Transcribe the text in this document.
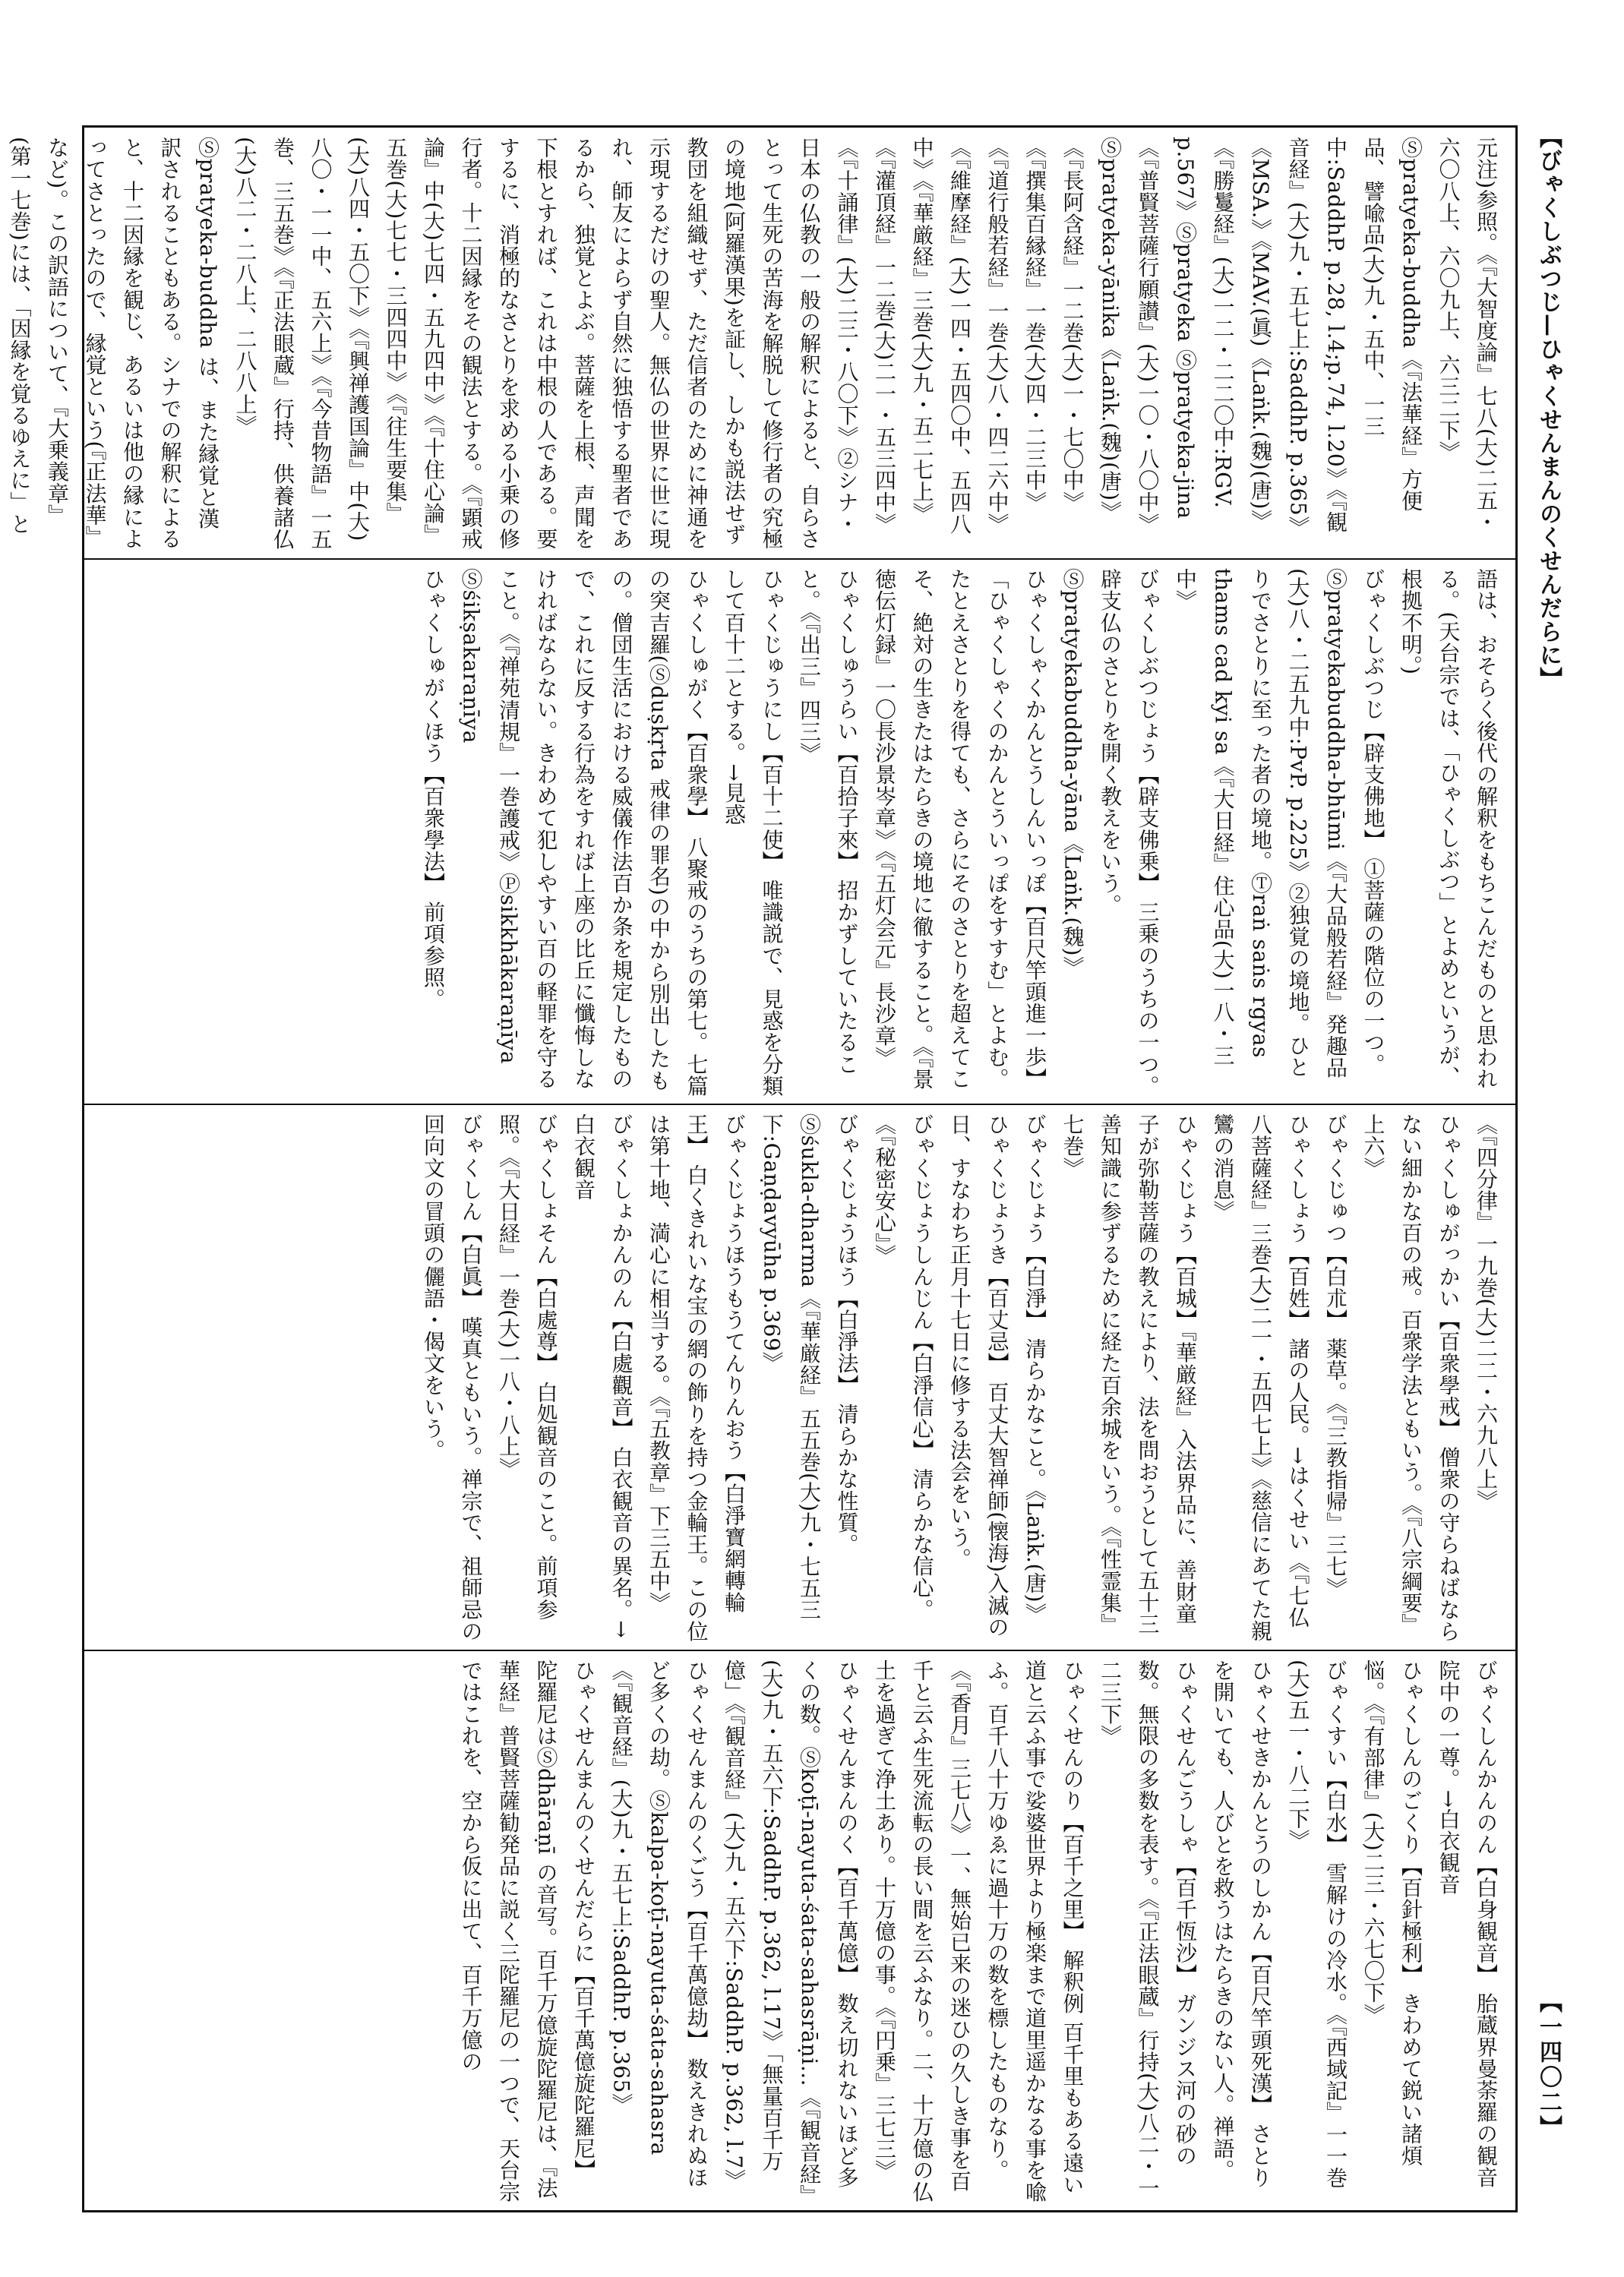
【びゃくしぶつじ—ひゃくせんまんのくせんだらに】
【一四〇二】

元注)参照。《『大智度論』七八(大)二五・六〇八上、六〇九上、六三二下》Ⓢpratyeka-buddha《『法華経』方便品、譬喩品(大)九・五中、一三中:SaddhP. p.28, l.4;p.74, l.20》《『観音経』(大)九・五七上:SaddhP. p.365》《MSA.》《MAV.(眞)《Laṅk.(魏)(唐)》《『勝鬘経』(大)一二・二二〇中:RGV. p.567》Ⓢpratyeka Ⓢpratyeka-jina《『普賢菩薩行願讃』(大)一〇・八〇中》Ⓢpratyeka-yānika《Laṅk.(魏)(唐)》《『長阿含経』一二巻(大)一・七〇中》《『撰集百縁経』一巻(大)四・二三中》《『道行般若経』一巻(大)八・四二六中》《『維摩経』(大)一四・五四〇中、五四八中》《『華厳経』三巻(大)九・五二七上》《『灌頂経』一二巻(大)二一・五三四中》《『十誦律』(大)二三・八〇下》②シナ・日本の仏教の一般の解釈によると、自らさとって生死の苦海を解脱して修行者の究極の境地(阿羅漢果)を証し、しかも説法せず教団を組織せず、ただ信者のために神通を示現するだけの聖人。無仏の世界に世に現れ、師友によらず自然に独悟する聖者であるから、独覚とよぶ。菩薩を上根、声聞を下根とすれば、これは中根の人である。要するに、消極的なさとりを求める小乗の修行者。十二因縁をその観法とする。《『顕戒論』中(大)七四・五九四中》《『十住心論』五巻(大)七七・三四四中》《『往生要集』(大)八四・五〇下》《『興禅護国論』中(大)八〇・一一中、五六上》《『今昔物語』一五巻、三五巻》《『正法眼蔵』行持、供養諸仏(大)八二・二八上、二八八上》Ⓢpratyeka-buddha は、また縁覚と漢訳されることもある。シナでの解釈によると、十二因縁を観じ、あるいは他の縁によってさとったので、縁覚という(『正法華』など)。この訳語について、『大乗義章』(第一七巻)には、「因縁を覚るゆえに」と

語は、おそらく後代の解釈をもちこんだものと思われる。(天台宗では、「ひゃくしぶつ」とよめというが、根拠不明。)

びゃくしぶつじ【辟支佛地】 ①菩薩の階位の一つ。Ⓢpratyekabuddha-bhūmi《『大品般若経』発趣品(大)八・二五九中:PvP. p.225》②独覚の境地。ひとりでさとりに至った者の境地。Ⓣraṅ saṅs rgyas thams cad kyi sa《『大日経』住心品(大)一八・三中》

びゃくしぶつじょう【辟支佛乗】 三乗のうちの一つ。辟支仏のさとりを開く教えをいう。Ⓢpratyekabuddha-yāna《Laṅk.(魏)》

ひゃくしゃくかんとうしんいっぽ【百尺竿頭進一歩】「ひゃくしゃくのかんとういっぽをすすむ」とよむ。たとえさとりを得ても、さらにそのさとりを超えてこそ、絶対の生きたはたらきの境地に徹すること。《『景徳伝灯録』一〇長沙景岑章》《『五灯会元』長沙章》

ひゃくしゅうらい【百拾子來】 招かずしていたること。《『出三』四三》

ひゃくじゅうにし【百十二使】 唯識説で、見惑を分類して百十二とする。→見惑

ひゃくしゅがく【百衆學】 八聚戒のうちの第七。七篇の突吉羅(Ⓢduṣkṛta 戒律の罪名)の中から別出したもの。僧団生活における威儀作法百か条を規定したもので、これに反する行為をすれば上座の比丘に懺悔しなければならない。きわめて犯しやすい百の軽罪を守ること。《『禅苑清規』一巻護戒》Ⓟsikkhākaraṇīya Ⓢśikṣakaraṇīya

ひゃくしゅがくほう【百衆學法】 前項参照。

《『四分律』一九巻(大)二二・六九八上》

ひゃくしゅがっかい【百衆學戒】 僧衆の守らねばならない細かな百の戒。百衆学法ともいう。《『八宗綱要』上六》

びゃくじゅつ【白朮】 薬草。《『三教指帰』三七》

ひゃくしょう【百姓】 諸の人民。→はくせい《『七仏八菩薩経』三巻(大)二一・五四七上》《慈信にあてた親鸞の消息》

ひゃくじょう【百城】『華厳経』入法界品に、善財童子が弥勒菩薩の教えにより、法を問おうとして五十三善知識に参ずるために経た百余城をいう。《『性霊集』七巻》

びゃくじょう【白淨】 清らかなこと。《Laṅk.(唐)》

ひゃくじょうき【百丈忌】 百丈大智禅師(懐海)入滅の日、すなわち正月十七日に修する法会をいう。

びゃくじょうしんじん【白淨信心】 清らかな信心。《『秘密安心』》

びゃくじょうほう【白淨法】 清らかな性質。Ⓢśukla-dharma《『華厳経』五五巻(大)九・七五三下:Gaṇḍavyūha p.369》

びゃくじょうほうもうてんりんおう【白淨寶網轉輪王】 白くきれいな宝の網の飾りを持つ金輪王。この位は第十地、満心に相当する。《『五教章』下三五中》

びゃくしょかんのん【白處觀音】 白衣観音の異名。→白衣観音

びゃくしょそん【白處尊】 白処観音のこと。前項参照。《『大日経』一巻(大)一八・八上》

びゃくしん【白眞】 嘆真ともいう。禅宗で、祖師忌の回向文の冒頭の儷語・偈文をいう。

びゃくしんかんのん【白身観音】 胎蔵界曼荼羅の観音院中の一尊。→白衣観音

ひゃくしんのごくり【百針極利】 きわめて鋭い諸煩悩。《『有部律』(大)二三・六七〇下》

びゃくすい【白水】 雪解けの冷水。《『西域記』一一巻(大)五一・八二下》

ひゃくせきかんとうのしかん【百尺竿頭死漢】 さとりを開いても、人びとを救うはたらきのない人。禅語。

ひゃくせんごうしゃ【百千恆沙】 ガンジス河の砂の数。無限の多数を表す。《『正法眼蔵』行持(大)八二・一二三下》

ひゃくせんのり【百千之里】 解釈例 百千里もある遠い道と云ふ事で娑婆世界より極楽まで道里遥かなる事を喩ふ。百千八十万ゆゑに過十万の数を標したものなり。《『香月』三七八》一、無始已来の迷ひの久しき事を百千と云ふ生死流転の長い間を云ふなり。二、十万億の仏土を過ぎて浄土あり。十万億の事。《『円乗』三七三》

ひゃくせんまんのく【百千萬億】 数え切れないほど多くの数。Ⓢkoṭī-nayuta-śata-sahasrāṇi…《『観音経』(大)九・五六下:SaddhP. p.362, l.17》「無量百千万億」《『観音経』(大)九・五六下:SaddhP. p.362, l.7》

ひゃくせんまんのくごう【百千萬億劫】 数えきれぬほど多くの劫。Ⓢkalpa-koṭī-nayuta-śata-sahasra《『観音経』(大)九・五七上:SaddhP. p.365》

ひゃくせんまんのくせんだらに【百千萬億旋陀羅尼】 陀羅尼はⓈdhāraṇī の音写。百千万億旋陀羅尼は、『法華経』普賢菩薩勧発品に説く三陀羅尼の一つで、天台宗ではこれを、空から仮に出て、百千万億の
